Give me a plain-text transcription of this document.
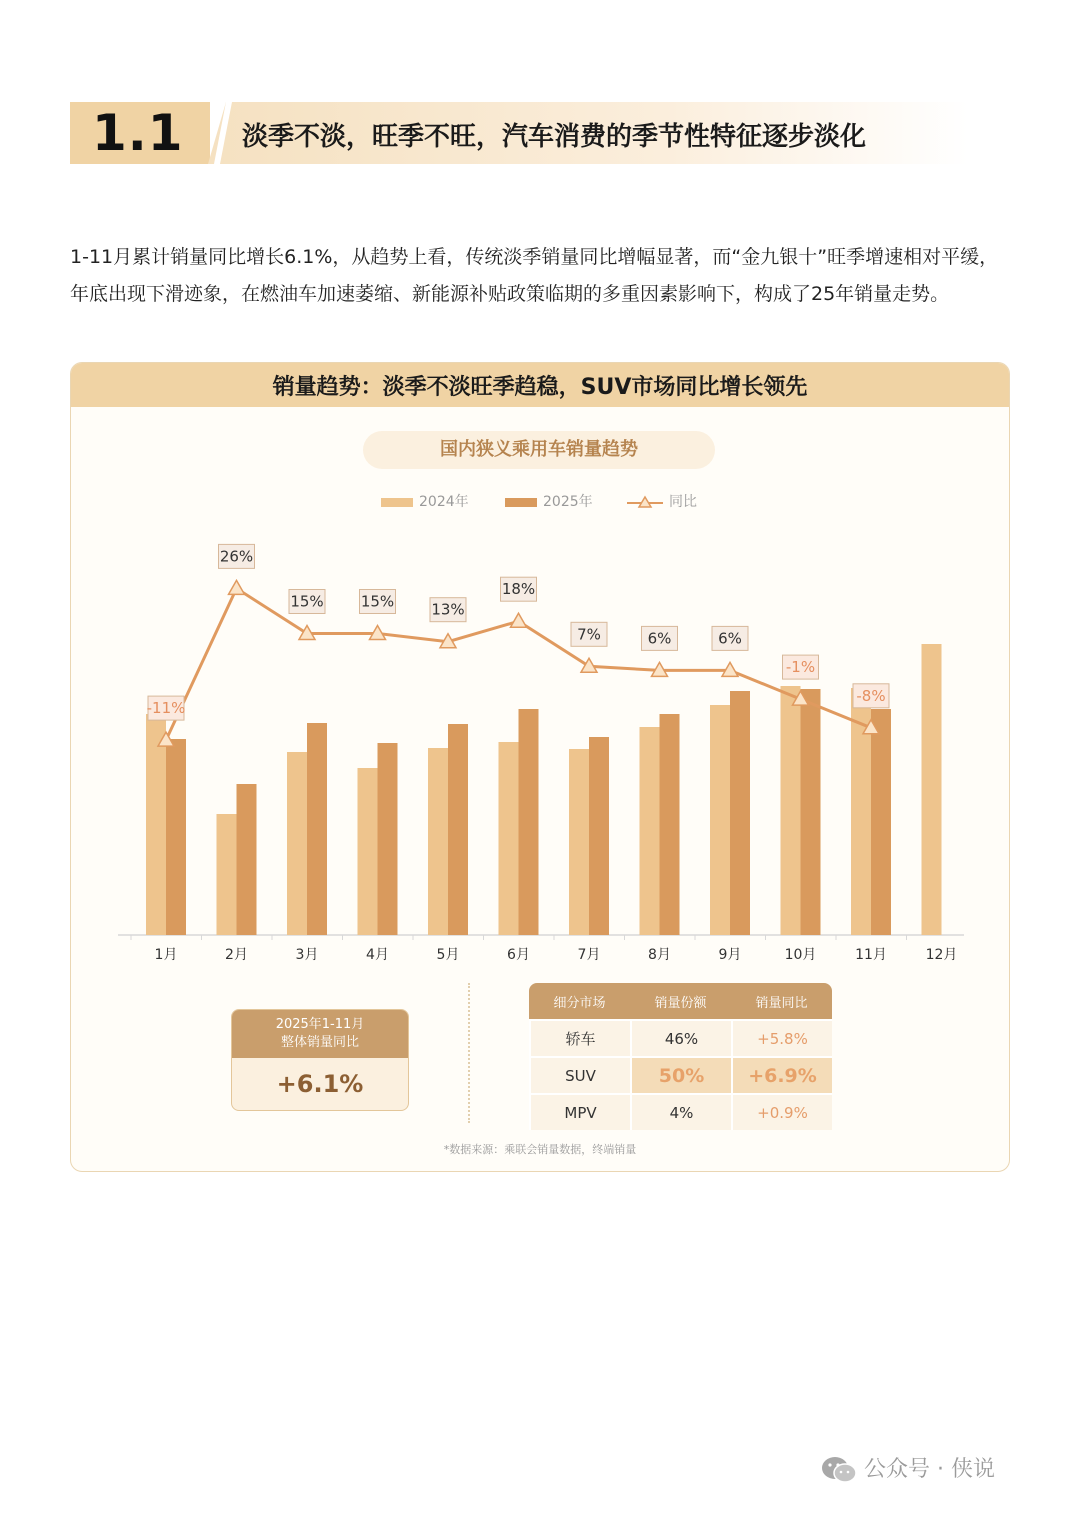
1.1 淡季不淡，旺季不旺，汽车消费的季节性特征逐步淡化

1-11月累计销量同比增长6.1%，从趋势上看，传统淡季销量同比增幅显著，而“金九银十”旺季增速相对平缓，年底出现下滑迹象，在燃油车加速萎缩、新能源补贴政策临期的多重因素影响下，构成了25年销量走势。

销量趋势：淡季不淡旺季趋稳，SUV市场同比增长领先
国内狭义乘用车销量趋势
2024年	2025年	同比
2025年1-11月
整体销量同比
+6.1%
细分市场	销量份额	销量同比
轿车	46%	+5.8%
SUV	50%	+6.9%
MPV	4%	+0.9%
*数据来源：乘联会销量数据，终端销量
1月	2月	3月	4月	5月	6月	7月	8月	9月	10月	11月	12月
-11%
26%
15% 15% 13%
18%
7%	6%	6%
-1%
-8%
公众号 · 侠说
